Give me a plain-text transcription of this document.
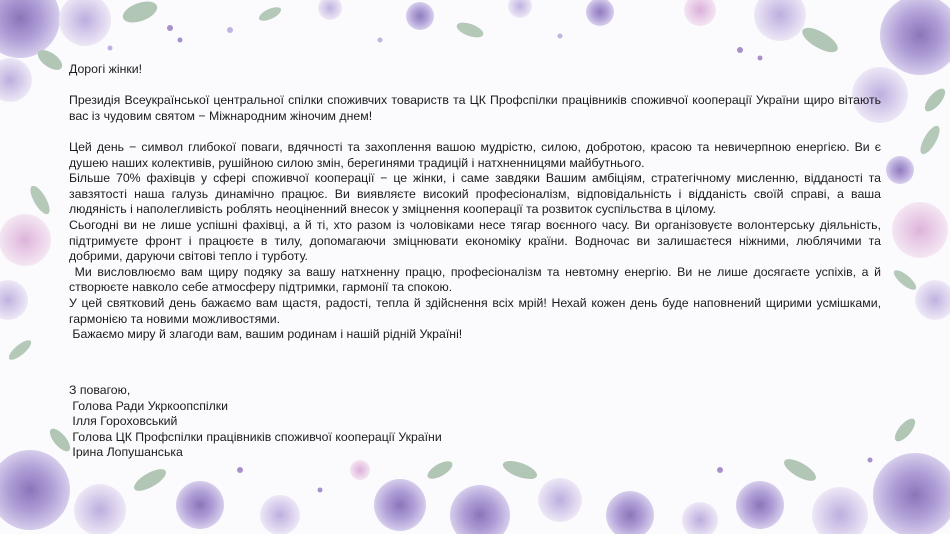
Дорогі жінки!

Президія Всеукраїнської центральної спілки споживчих товариств та ЦК Профспілки працівників споживчої кооперації України щиро вітають вас із чудовим святом − Міжнародним жіночим днем!

Цей день − символ глибокої поваги, вдячності та захоплення вашою мудрістю, силою, добротою, красою та невичерпною енергією. Ви є душею наших колективів, рушійною силою змін, берегинями традицій і натхненницями майбутнього.

Більше 70% фахівців у сфері споживчої кооперації − це жінки, і саме завдяки Вашим амбіціям, стратегічному мисленню, відданості та завзятості наша галузь динамічно працює. Ви виявляєте високий професіоналізм, відповідальність і відданість своїй справі, а ваша людяність і наполегливість роблять неоціненний внесок у зміцнення кооперації та розвиток суспільства в цілому.

Сьогодні ви не лише успішні фахівці, а й ті, хто разом із чоловіками несе тягар воєнного часу. Ви організовуєте волонтерську діяльність, підтримуєте фронт і працюєте в тилу, допомагаючи зміцнювати економіку країни. Водночас ви залишаєтеся ніжними, люблячими та добрими, даруючи світові тепло і турботу.

Ми висловлюємо вам щиру подяку за вашу натхненну працю, професіоналізм та невтомну енергію. Ви не лише досягаєте успіхів, а й створюєте навколо себе атмосферу підтримки, гармонії та спокою.

У цей святковий день бажаємо вам щастя, радості, тепла й здійснення всіх мрій! Нехай кожен день буде наповнений щирими усмішками, гармонією та новими можливостями.

Бажаємо миру й злагоди вам, вашим родинам і нашій рідній Україні!

З повагою,
Голова Ради Укркоопспілки
Ілля Гороховський
Голова ЦК Профспілки працівників споживчої кооперації України
Ірина Лопушанська
